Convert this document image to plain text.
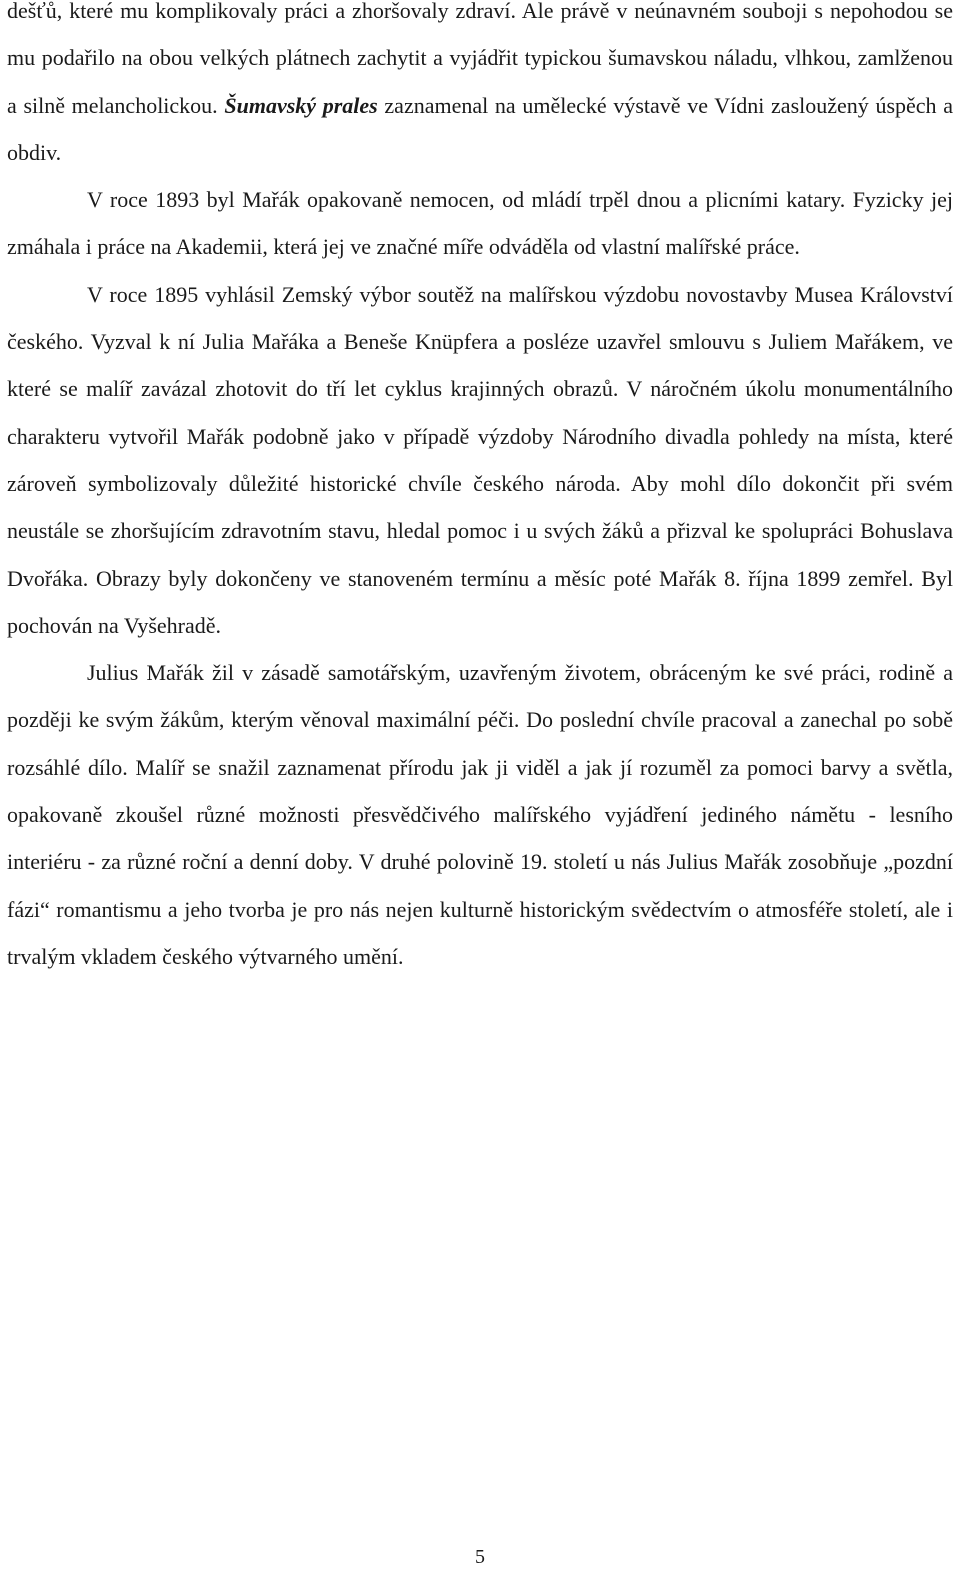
dešťů, které mu komplikovaly práci a zhoršovaly zdraví. Ale právě v neúnavném souboji s nepohodou se mu podařilo na obou velkých plátnech zachytit a vyjádřit typickou šumavskou náladu, vlhkou, zamlženou a silně melancholickou. Šumavský prales zaznamenal na umělecké výstavě ve Vídni zasloužený úspěch a obdiv.

V roce 1893 byl Mařák opakovaně nemocen, od mládí trpěl dnou a plicními katary. Fyzicky jej zmáhala i práce na Akademii, která jej ve značné míře odváděla od vlastní malířské práce.

V roce 1895 vyhlásil Zemský výbor soutěž na malířskou výzdobu novostavby Musea Království českého. Vyzval k ní Julia Mařáka a Beneše Knüpfera a posléze uzavřel smlouvu s Juliem Mařákem, ve které se malíř zavázal zhotovit do tří let cyklus krajinných obrazů. V náročném úkolu monumentálního charakteru vytvořil Mařák podobně jako v případě výzdoby Národního divadla pohledy na místa, které zároveň symbolizovaly důležité historické chvíle českého národa. Aby mohl dílo dokončit při svém neustále se zhoršujícím zdravotním stavu, hledal pomoc i u svých žáků a přizval ke spolupráci Bohuslava Dvořáka. Obrazy byly dokončeny ve stanoveném termínu a měsíc poté Mařák 8. října 1899 zemřel. Byl pochován na Vyšehradě.

Julius Mařák žil v zásadě samotářským, uzavřeným životem, obráceným ke své práci, rodině a později ke svým žákům, kterým věnoval maximální péči. Do poslední chvíle pracoval a zanechal po sobě rozsáhlé dílo. Malíř se snažil zaznamenat přírodu jak ji viděl a jak jí rozuměl za pomoci barvy a světla, opakovaně zkoušel různé možnosti přesvědčivého malířského vyjádření jediného námětu - lesního interiéru - za různé roční a denní doby. V druhé polovině 19. století u nás Julius Mařák zosobňuje „pozdní fázi“ romantismu a jeho tvorba je pro nás nejen kulturně historickým svědectvím o atmosféře století, ale i trvalým vkladem českého výtvarného umění.

5
